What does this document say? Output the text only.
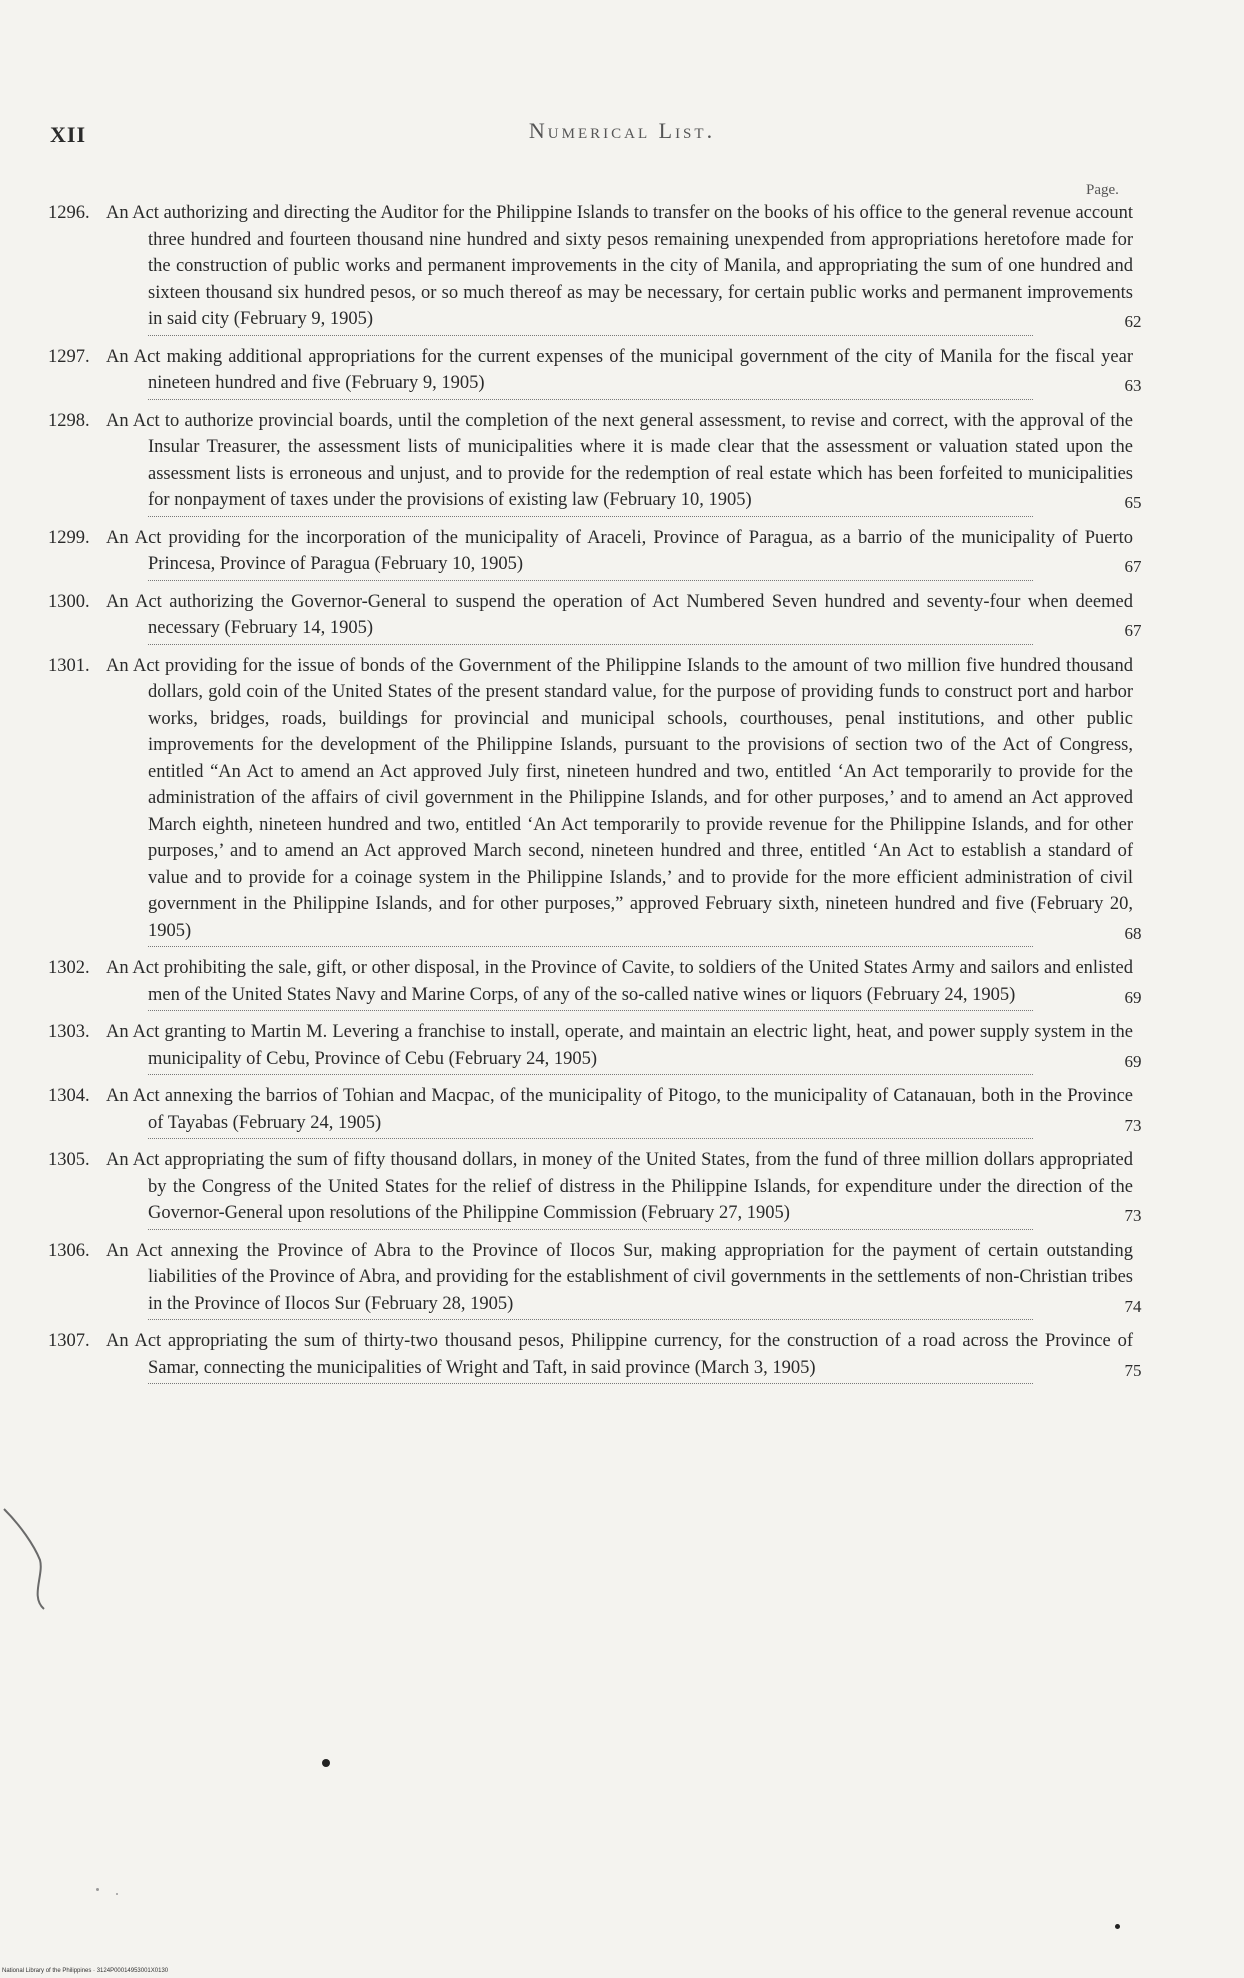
XII	Numerical List.
Page.
1296. An Act authorizing and directing the Auditor for the Philippine Islands to transfer on the books of his office to the general revenue account three hundred and fourteen thousand nine hundred and sixty pesos remaining unexpended from appropriations heretofore made for the construction of public works and permanent improvements in the city of Manila, and appropriating the sum of one hundred and sixteen thousand six hundred pesos, or so much thereof as may be necessary, for certain public works and permanent improvements in said city (February 9, 1905)	62
1297. An Act making additional appropriations for the current expenses of the municipal government of the city of Manila for the fiscal year nineteen hundred and five (February 9, 1905)	63
1298. An Act to authorize provincial boards, until the completion of the next general assessment, to revise and correct, with the approval of the Insular Treasurer, the assessment lists of municipalities where it is made clear that the assessment or valuation stated upon the assessment lists is erroneous and unjust, and to provide for the redemption of real estate which has been forfeited to municipalities for nonpayment of taxes under the provisions of existing law (February 10, 1905)	65
1299. An Act providing for the incorporation of the municipality of Araceli, Province of Paragua, as a barrio of the municipality of Puerto Princesa, Province of Paragua (February 10, 1905)	67
1300. An Act authorizing the Governor-General to suspend the operation of Act Numbered Seven hundred and seventy-four when deemed necessary (February 14, 1905)	67
1301. An Act providing for the issue of bonds of the Government of the Philippine Islands to the amount of two million five hundred thousand dollars, gold coin of the United States of the present standard value, for the purpose of providing funds to construct port and harbor works, bridges, roads, buildings for provincial and municipal schools, courthouses, penal institutions, and other public improvements for the development of the Philippine Islands, pursuant to the provisions of section two of the Act of Congress, entitled “An Act to amend an Act approved July first, nineteen hundred and two, entitled ‘An Act temporarily to provide for the administration of the affairs of civil government in the Philippine Islands, and for other purposes,’ and to amend an Act approved March eighth, nineteen hundred and two, entitled ‘An Act temporarily to provide revenue for the Philippine Islands, and for other purposes,’ and to amend an Act approved March second, nineteen hundred and three, entitled ‘An Act to establish a standard of value and to provide for a coinage system in the Philippine Islands,’ and to provide for the more efficient administration of civil government in the Philippine Islands, and for other purposes,” approved February sixth, nineteen hundred and five (February 20, 1905)	68
1302. An Act prohibiting the sale, gift, or other disposal, in the Province of Cavite, to soldiers of the United States Army and sailors and enlisted men of the United States Navy and Marine Corps, of any of the so-called native wines or liquors (February 24, 1905)	69
1303. An Act granting to Martin M. Levering a franchise to install, operate, and maintain an electric light, heat, and power supply system in the municipality of Cebu, Province of Cebu (February 24, 1905)	69
1304. An Act annexing the barrios of Tohian and Macpac, of the municipality of Pitogo, to the municipality of Catanauan, both in the Province of Tayabas (February 24, 1905)	73
1305. An Act appropriating the sum of fifty thousand dollars, in money of the United States, from the fund of three million dollars appropriated by the Congress of the United States for the relief of distress in the Philippine Islands, for expenditure under the direction of the Governor-General upon resolutions of the Philippine Commission (February 27, 1905)	73
1306. An Act annexing the Province of Abra to the Province of Ilocos Sur, making appropriation for the payment of certain outstanding liabilities of the Province of Abra, and providing for the establishment of civil governments in the settlements of non-Christian tribes in the Province of Ilocos Sur (February 28, 1905)	74
1307. An Act appropriating the sum of thirty-two thousand pesos, Philippine currency, for the construction of a road across the Province of Samar, connecting the municipalities of Wright and Taft, in said province (March 3, 1905)	75
National Library of the Philippines · 3124P00014953001X0130
